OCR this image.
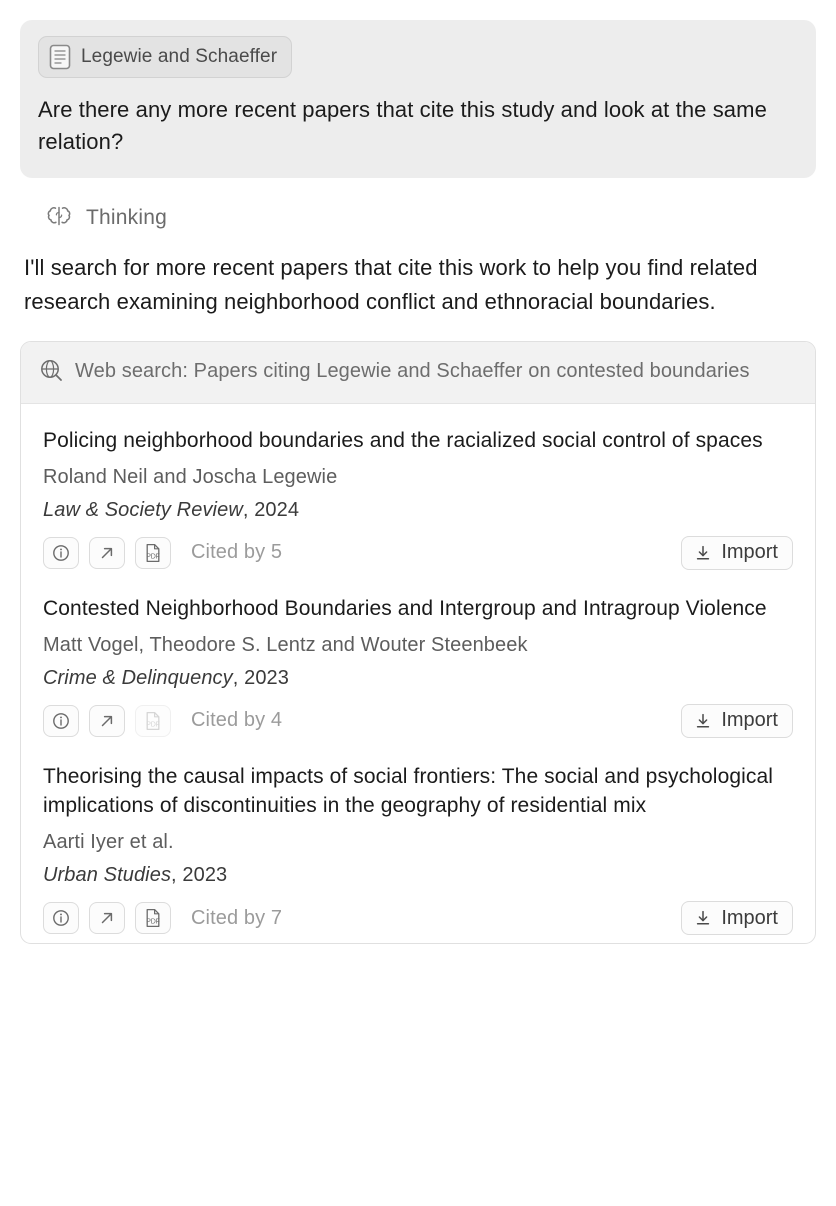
Legewie and Schaeffer
Are there any more recent papers that cite this study and look at the same relation?
Thinking
I'll search for more recent papers that cite this work to help you find related research examining neighborhood conflict and ethnoracial boundaries.
Web search: Papers citing Legewie and Schaeffer on contested boundaries
Policing neighborhood boundaries and the racialized social control of spaces
Roland Neil and Joscha Legewie
Law & Society Review, 2024
PDF Cited by 5	Import
Contested Neighborhood Boundaries and Intergroup and Intragroup Violence
Matt Vogel, Theodore S. Lentz and Wouter Steenbeek
Crime & Delinquency, 2023
PDF Cited by 4	Import
Theorising the causal impacts of social frontiers: The social and psychological implications of discontinuities in the geography of residential mix
Aarti Iyer et al.
Urban Studies, 2023
PDF Cited by 7	Import
